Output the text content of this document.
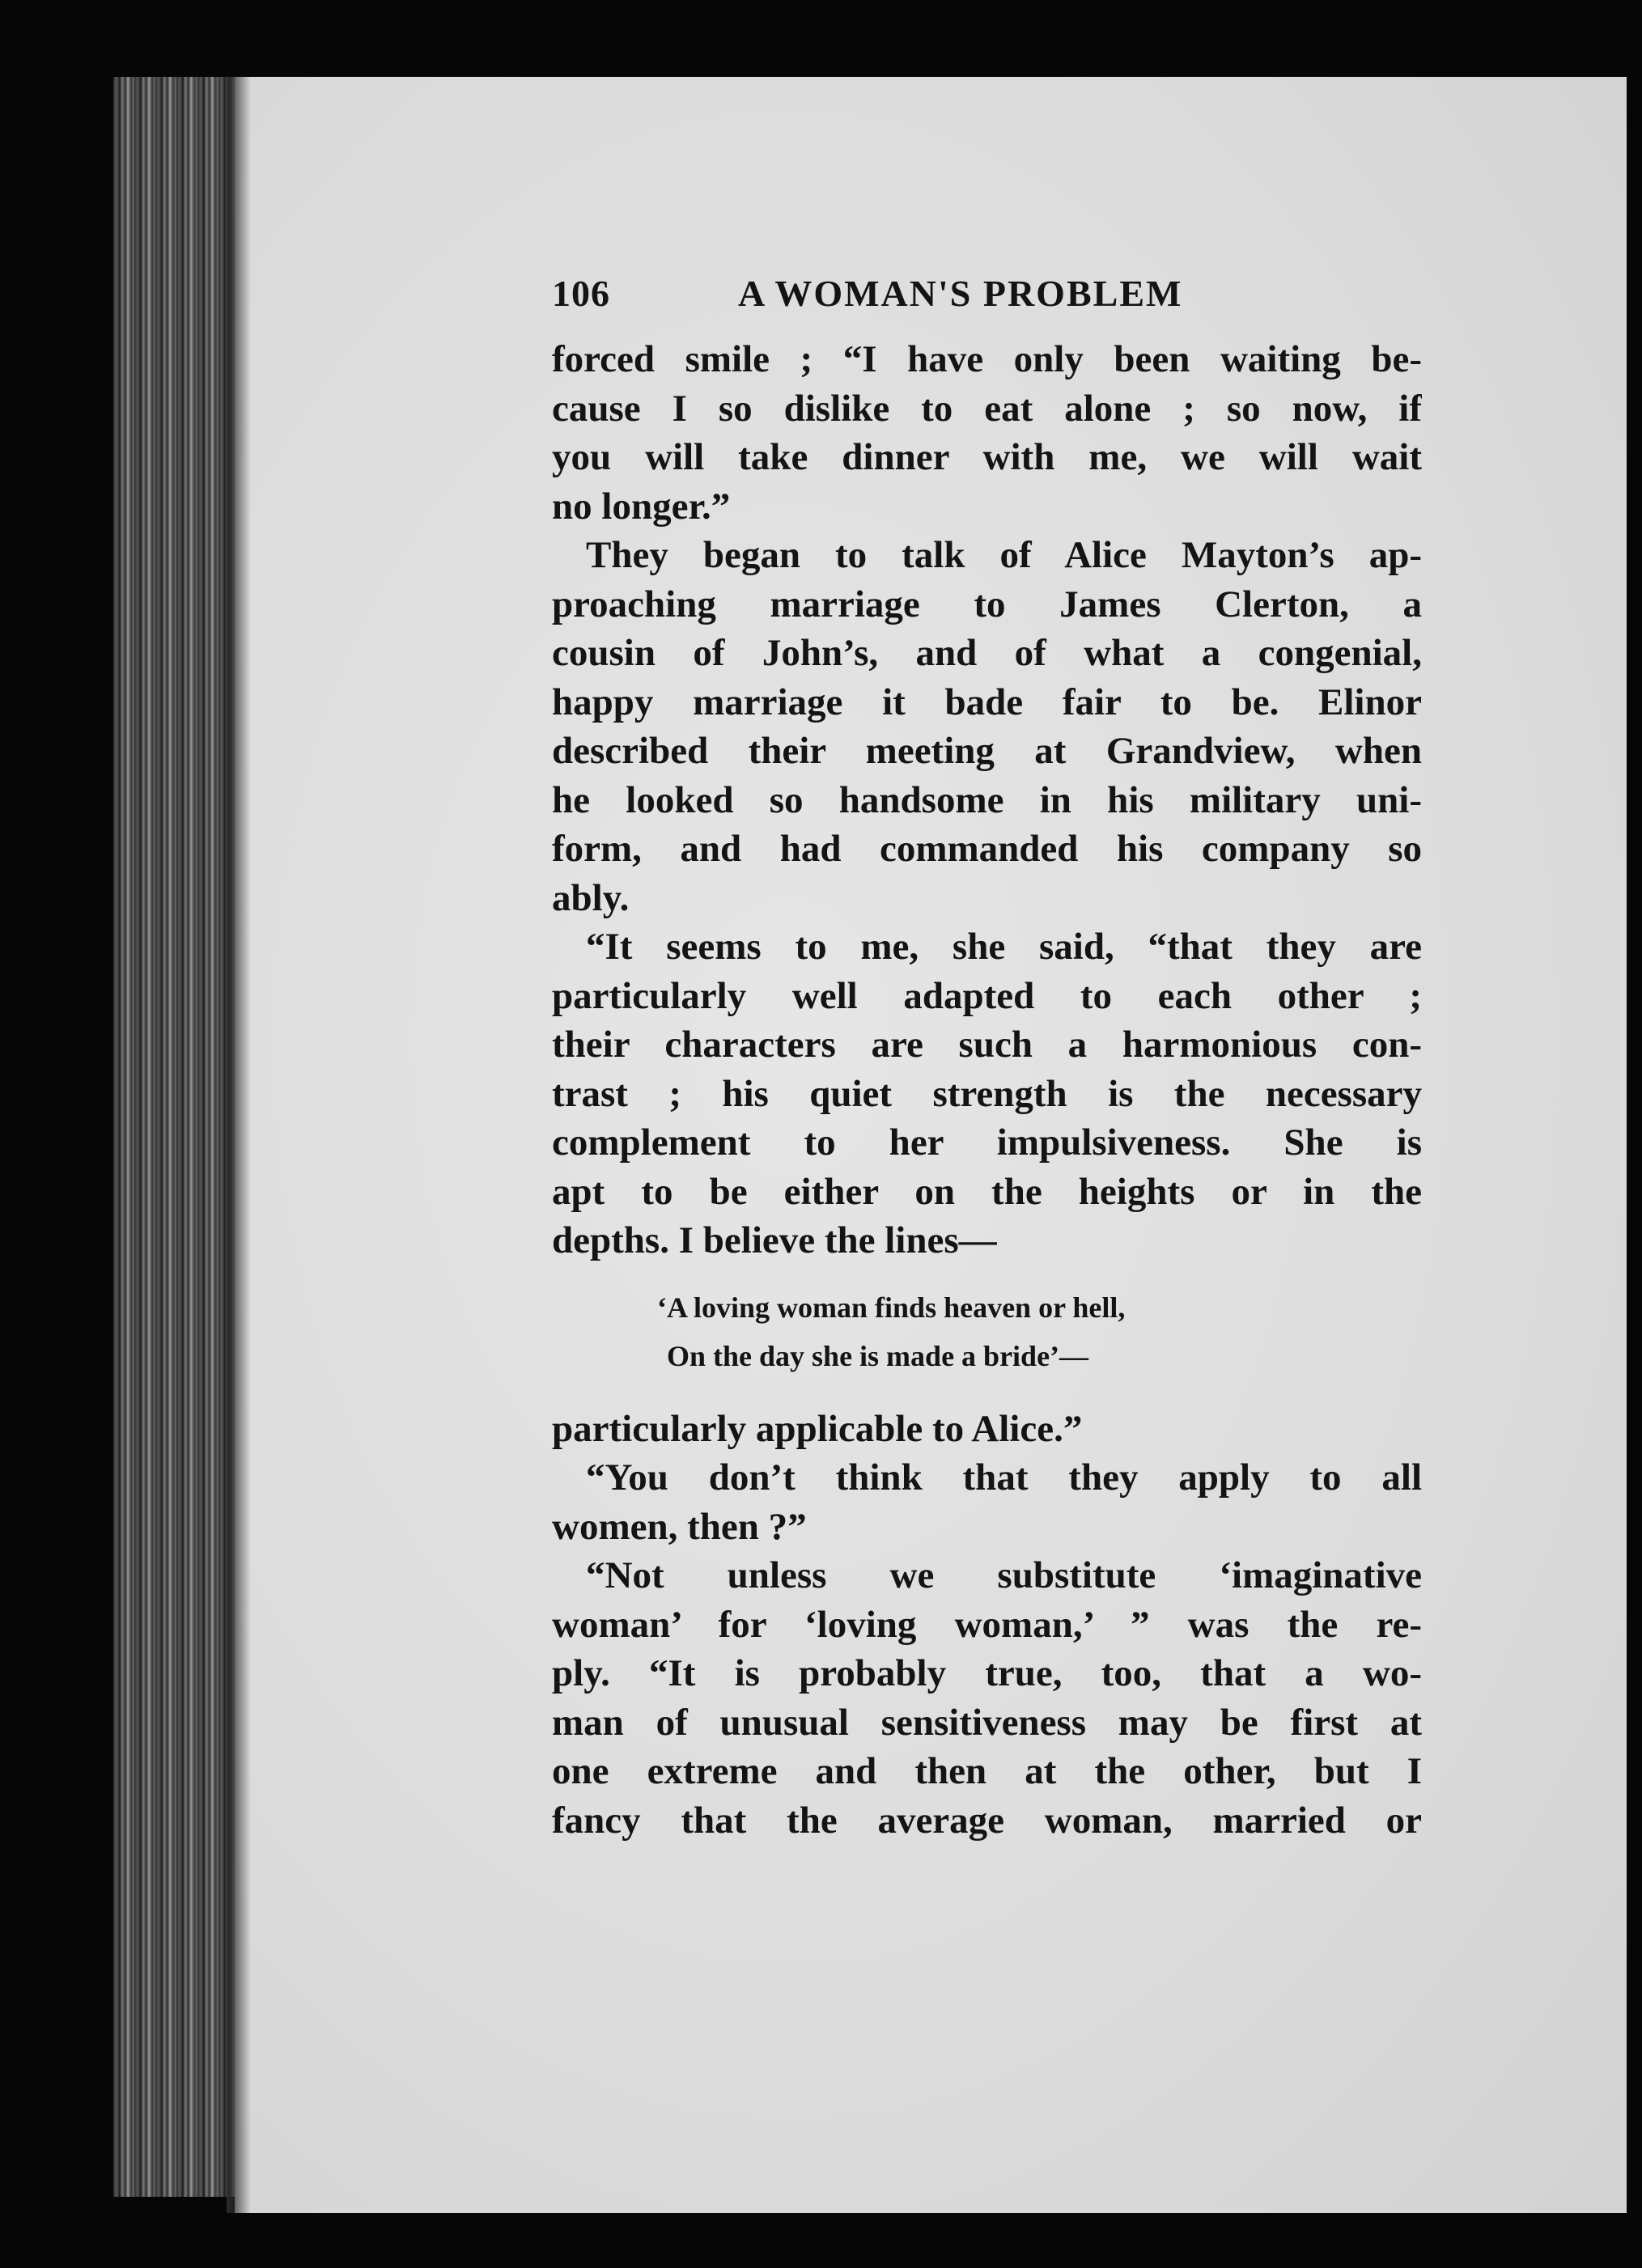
106	A WOMAN'S PROBLEM

forced smile ; “I have only been waiting be-
cause I so dislike to eat alone ; so now, if
you will take dinner with me, we will wait
no longer.”

They began to talk of Alice Mayton’s ap-
proaching marriage to James Clerton, a
cousin of John’s, and of what a congenial,
happy marriage it bade fair to be. Elinor
described their meeting at Grandview, when
he looked so handsome in his military uni-
form, and had commanded his company so
ably.

“It seems to me, she said, “that they are
particularly well adapted to each other ;
their characters are such a harmonious con-
trast ; his quiet strength is the necessary
complement to her impulsiveness. She is
apt to be either on the heights or in the
depths. I believe the lines—

‘A loving woman finds heaven or hell,
On the day she is made a bride’—

particularly applicable to Alice.”

“You don’t think that they apply to all
women, then ?”

“Not unless we substitute ‘imaginative
woman’ for ‘loving woman,’ ” was the re-
ply. “It is probably true, too, that a wo-
man of unusual sensitiveness may be first at
one extreme and then at the other, but I
fancy that the average woman, married or
